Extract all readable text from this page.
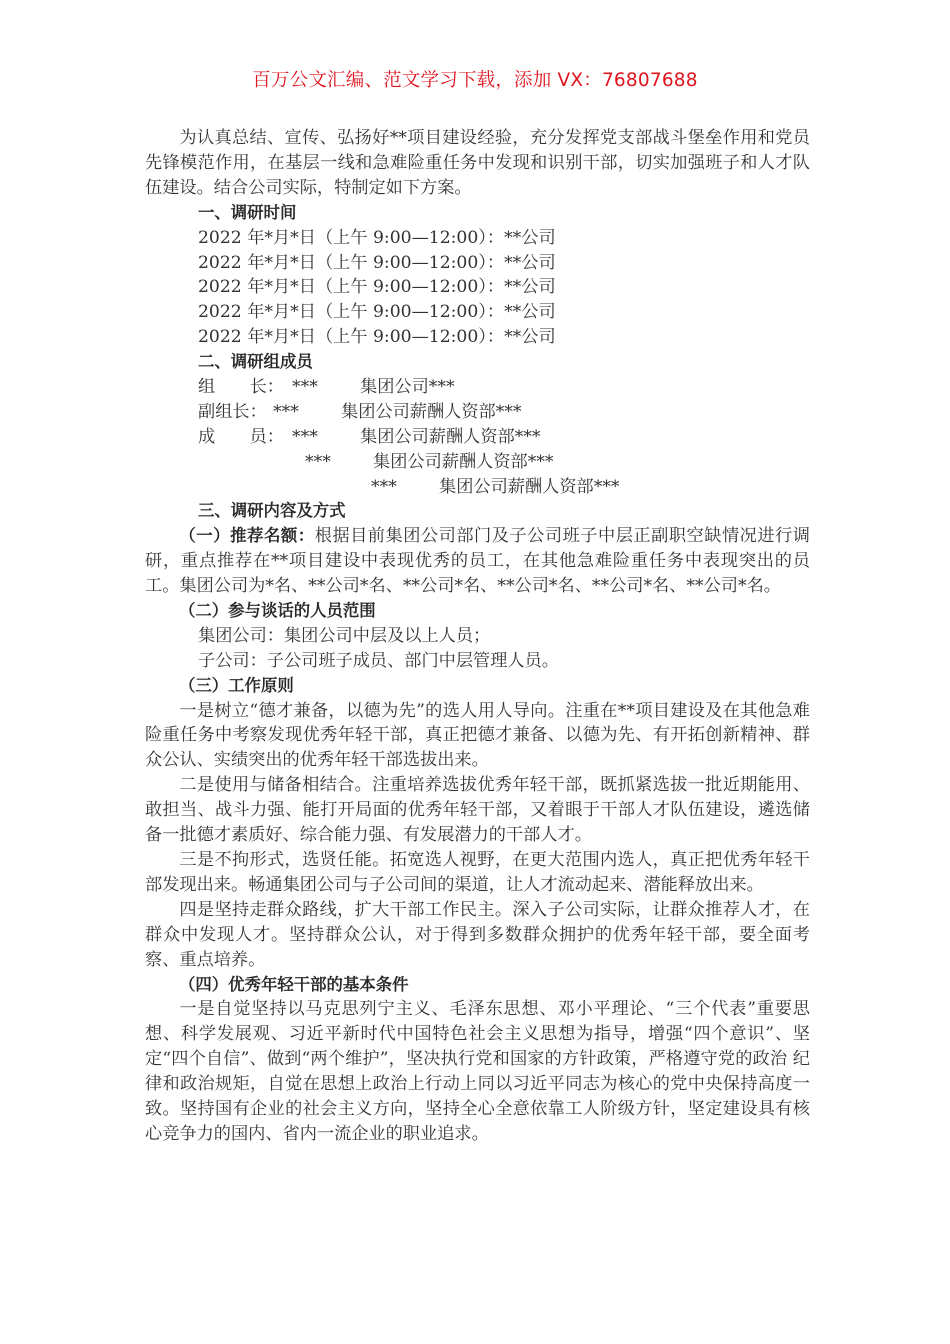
百万公文汇编、范文学习下载，添加 VX：76807688

为认真总结、宣传、弘扬好**项目建设经验，充分发挥党支部战斗堡垒作用和党员先锋模范作用，在基层一线和急难险重任务中发现和识别干部，切实加强班子和人才队伍建设。结合公司实际，特制定如下方案。

一、调研时间
2022 年*月*日（上午 9:00—12:00）：**公司
2022 年*月*日（上午 9:00—12:00）：**公司
2022 年*月*日（上午 9:00—12:00）：**公司
2022 年*月*日（上午 9:00—12:00）：**公司
2022 年*月*日（上午 9:00—12:00）：**公司
二、调研组成员
组　　长： *** 集团公司***
副组长： *** 集团公司薪酬人资部***
成　　员： *** 集团公司薪酬人资部***
*** 集团公司薪酬人资部***
*** 集团公司薪酬人资部***
三、调研内容及方式

（一）推荐名额：根据目前集团公司部门及子公司班子中层正副职空缺情况进行调研，重点推荐在**项目建设中表现优秀的员工，在其他急难险重任务中表现突出的员工。集团公司为*名、**公司*名、**公司*名、**公司*名、**公司*名、**公司*名。

（二）参与谈话的人员范围
集团公司：集团公司中层及以上人员；
子公司：子公司班子成员、部门中层管理人员。
（三）工作原则

一是树立“德才兼备，以德为先”的选人用人导向。注重在**项目建设及在其他急难险重任务中考察发现优秀年轻干部，真正把德才兼备、以德为先、有开拓创新精神、群众公认、实绩突出的优秀年轻干部选拔出来。

二是使用与储备相结合。注重培养选拔优秀年轻干部，既抓紧选拔一批近期能用、敢担当、战斗力强、能打开局面的优秀年轻干部，又着眼于干部人才队伍建设，遴选储备一批德才素质好、综合能力强、有发展潜力的干部人才。

三是不拘形式，选贤任能。拓宽选人视野，在更大范围内选人，真正把优秀年轻干部发现出来。畅通集团公司与子公司间的渠道，让人才流动起来、潜能释放出来。

四是坚持走群众路线，扩大干部工作民主。深入子公司实际，让群众推荐人才，在群众中发现人才。坚持群众公认，对于得到多数群众拥护的优秀年轻干部，要全面考察、重点培养。

（四）优秀年轻干部的基本条件

一是自觉坚持以马克思列宁主义、毛泽东思想、邓小平理论、“三个代表”重要思想、科学发展观、习近平新时代中国特色社会主义思想为指导，增强“四个意识”、坚定“四个自信”、做到“两个维护”，坚决执行党和国家的方针政策，严格遵守党的政治 纪律和政治规矩，自觉在思想上政治上行动上同以习近平同志为核心的党中央保持高度一致。坚持国有企业的社会主义方向，坚持全心全意依靠工人阶级方针，坚定建设具有核心竞争力的国内、省内一流企业的职业追求。
